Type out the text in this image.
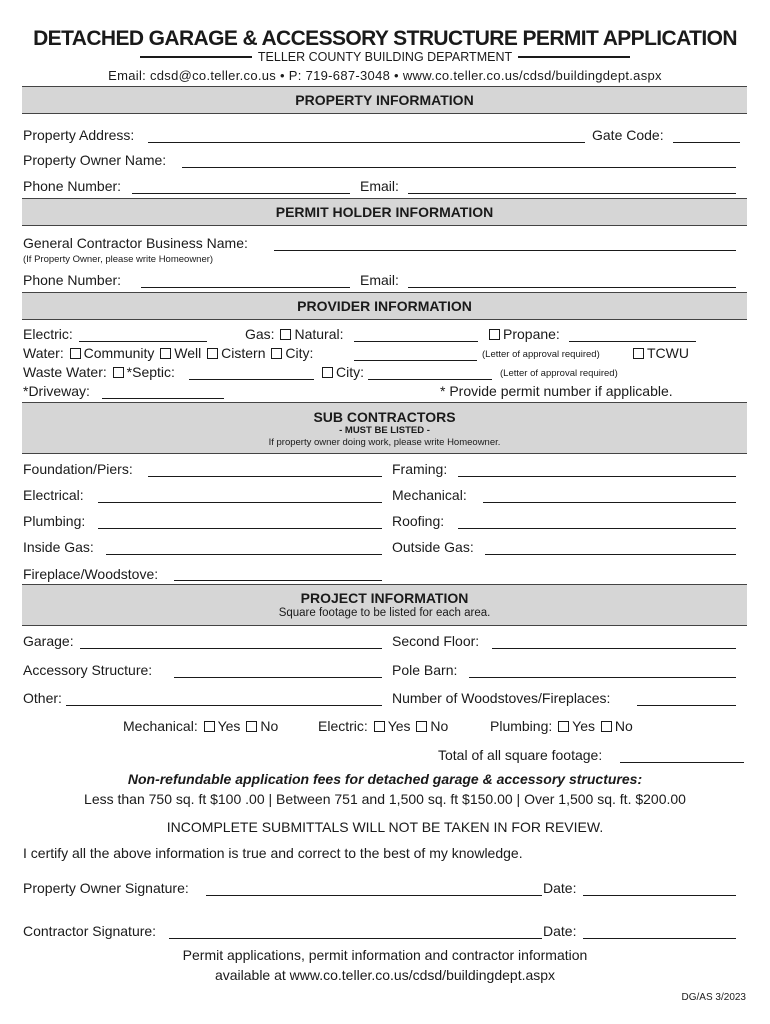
DETACHED GARAGE & ACCESSORY STRUCTURE PERMIT APPLICATION
TELLER COUNTY BUILDING DEPARTMENT
Email: cdsd@co.teller.co.us • P: 719-687-3048 • www.co.teller.co.us/cdsd/buildingdept.aspx
PROPERTY INFORMATION
Property Address:	Gate Code:
Property Owner Name:
Phone Number:	Email:
PERMIT HOLDER INFORMATION
General Contractor Business Name:
(If Property Owner, please write Homeowner)
Phone Number:	Email:
PROVIDER INFORMATION
Electric:	Gas: Natural:	Propane:
Water: Community Well Cistern City:	(Letter of approval required)	TCWU
Waste Water: *Septic:	City:	(Letter of approval required)
*Driveway:	* Provide permit number if applicable.
SUB CONTRACTORS
- MUST BE LISTED -
If property owner doing work, please write Homeowner.
Foundation/Piers:	Framing:
Electrical:	Mechanical:
Plumbing:	Roofing:
Inside Gas:	Outside Gas:
Fireplace/Woodstove:
PROJECT INFORMATION
Square footage to be listed for each area.
Garage:	Second Floor:
Accessory Structure:	Pole Barn:
Other:	Number of Woodstoves/Fireplaces:
Mechanical: Yes No	Electric: Yes No	Plumbing: Yes No
Total of all square footage:
Non-refundable application fees for detached garage & accessory structures:
Less than 750 sq. ft $100 .00 | Between 751 and 1,500 sq. ft $150.00 | Over 1,500 sq. ft. $200.00
INCOMPLETE SUBMITTALS WILL NOT BE TAKEN IN FOR REVIEW.
I certify all the above information is true and correct to the best of my knowledge.
Property Owner Signature:	Date:
Contractor Signature:	Date:
Permit applications, permit information and contractor information
available at www.co.teller.co.us/cdsd/buildingdept.aspx
DG/AS 3/2023
